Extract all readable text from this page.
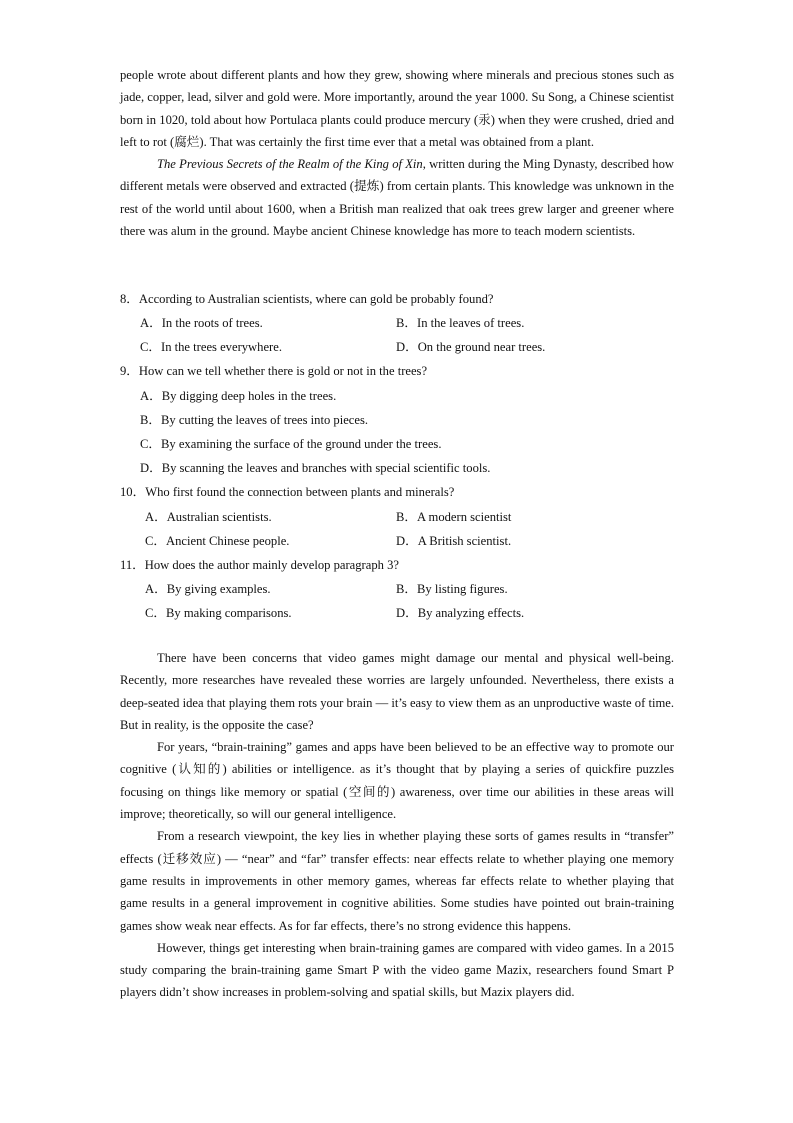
people wrote about different plants and how they grew, showing where minerals and precious stones such as jade, copper, lead, silver and gold were. More importantly, around the year 1000. Su Song, a Chinese scientist born in 1020, told about how Portulaca plants could produce mercury (汞) when they were crushed, dried and left to rot (腐烂). That was certainly the first time ever that a metal was obtained from a plant.

The Previous Secrets of the Realm of the King of Xin, written during the Ming Dynasty, described how different metals were observed and extracted (提炼) from certain plants. This knowledge was unknown in the rest of the world until about 1600, when a British man realized that oak trees grew larger and greener where there was alum in the ground. Maybe ancient Chinese knowledge has more to teach modern scientists.

8．According to Australian scientists, where can gold be probably found?
A．In the roots of trees.	B．In the leaves of trees.
C．In the trees everywhere.	D．On the ground near trees.
9．How can we tell whether there is gold or not in the trees?
A．By digging deep holes in the trees.
B．By cutting the leaves of trees into pieces.
C．By examining the surface of the ground under the trees.
D．By scanning the leaves and branches with special scientific tools.
10．Who first found the connection between plants and minerals?
A．Australian scientists.	B．A modern scientist
C．Ancient Chinese people.	D．A British scientist.
11．How does the author mainly develop paragraph 3?
A．By giving examples.	B．By listing figures.
C．By making comparisons.	D．By analyzing effects.

There have been concerns that video games might damage our mental and physical well-being. Recently, more researches have revealed these worries are largely unfounded. Nevertheless, there exists a deep-seated idea that playing them rots your brain — it’s easy to view them as an unproductive waste of time. But in reality, is the opposite the case?

For years, “brain-training” games and apps have been believed to be an effective way to promote our cognitive (认知的) abilities or intelligence. as it’s thought that by playing a series of quickfire puzzles focusing on things like memory or spatial (空间的) awareness, over time our abilities in these areas will improve; theoretically, so will our general intelligence.

From a research viewpoint, the key lies in whether playing these sorts of games results in “transfer” effects (迁移效应) — “near” and “far” transfer effects: near effects relate to whether playing one memory game results in improvements in other memory games, whereas far effects relate to whether playing that game results in a general improvement in cognitive abilities. Some studies have pointed out brain-training games show weak near effects. As for far effects, there’s no strong evidence this happens.

However, things get interesting when brain-training games are compared with video games. In a 2015 study comparing the brain-training game Smart P with the video game Mazix, researchers found Smart P players didn’t show increases in problem-solving and spatial skills, but Mazix players did.
